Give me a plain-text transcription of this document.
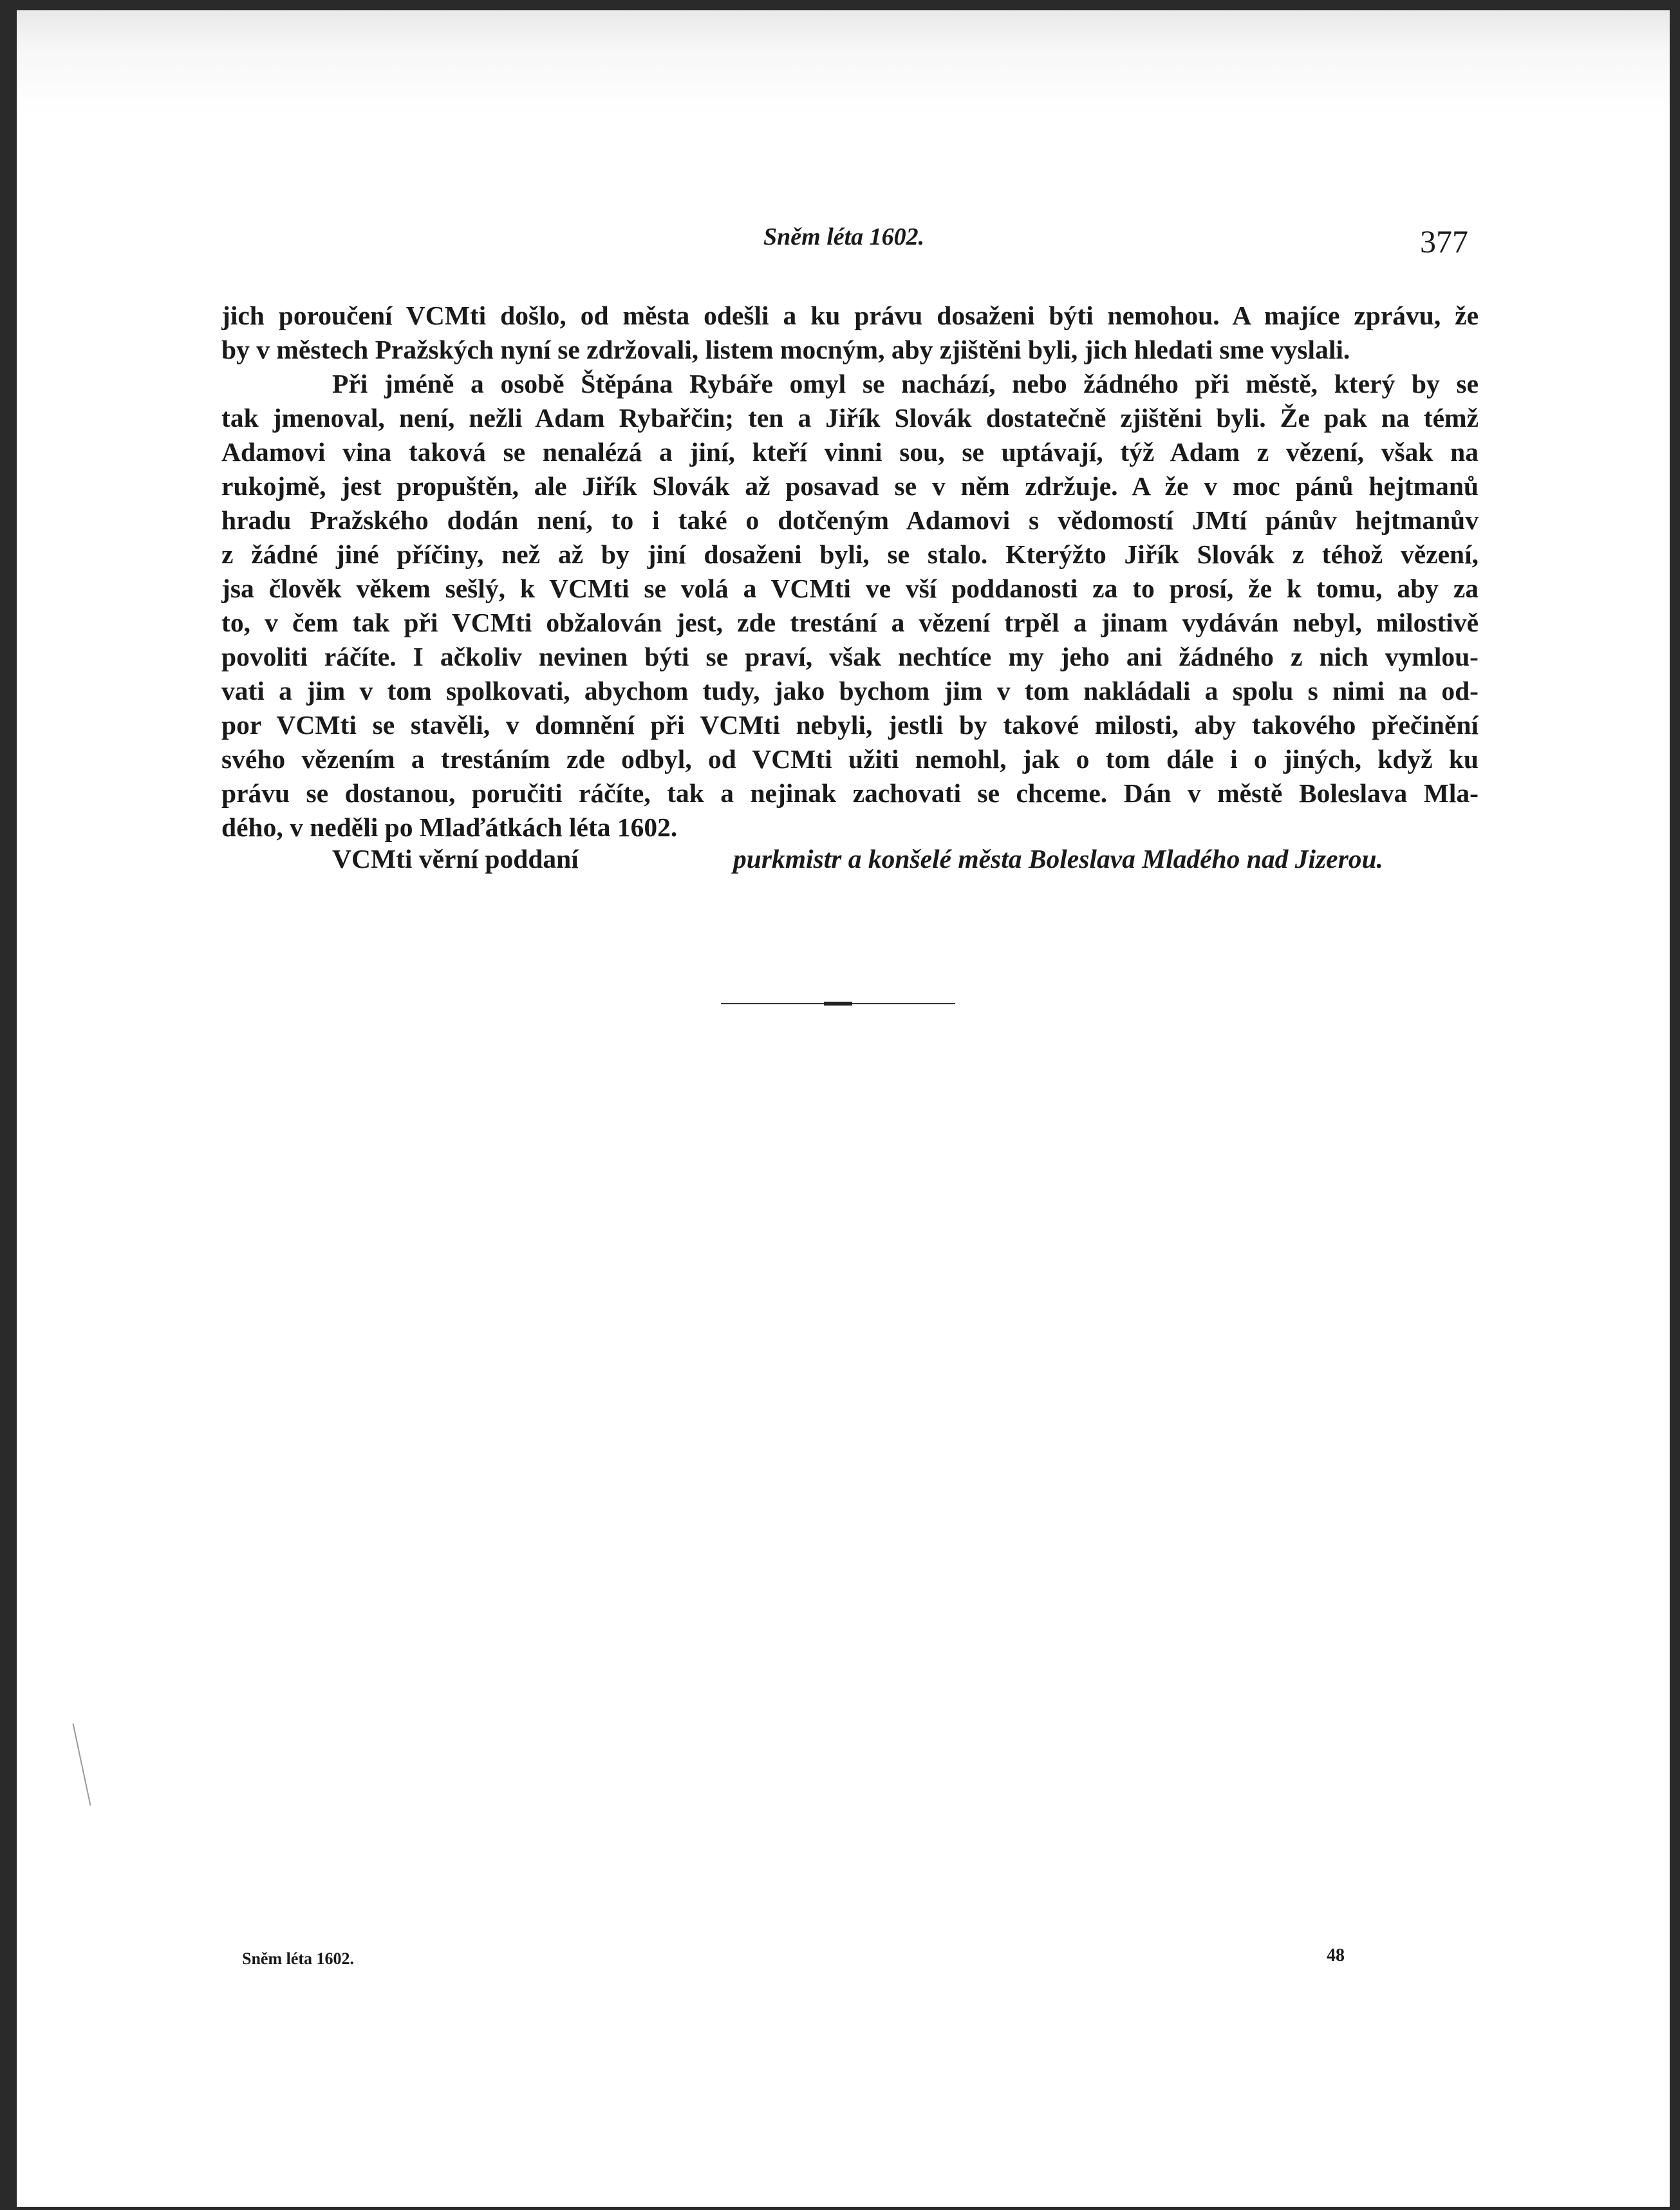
Sněm léta 1602.	377
jich poroučení VCMti došlo, od města odešli a ku právu dosaženi býti nemohou. A majíce zprávu, že
by v městech Pražských nyní se zdržovali, listem mocným, aby zjištěni byli, jich hledati sme vyslali.
Při jméně a osobě Štěpána Rybáře omyl se nachází, nebo žádného při městě, který by se
tak jmenoval, není, nežli Adam Rybařčin; ten a Jiřík Slovák dostatečně zjištěni byli. Že pak na témž
Adamovi vina taková se nenalézá a jiní, kteří vinni sou, se uptávají, týž Adam z vězení, však na
rukojmě, jest propuštěn, ale Jiřík Slovák až posavad se v něm zdržuje. A že v moc pánů hejtmanů
hradu Pražského dodán není, to i také o dotčeným Adamovi s vědomostí JMtí pánův hejtmanův
z žádné jiné příčiny, než až by jiní dosaženi byli, se stalo. Kterýžto Jiřík Slovák z téhož vězení,
jsa člověk věkem sešlý, k VCMti se volá a VCMti ve vší poddanosti za to prosí, že k tomu, aby za
to, v čem tak při VCMti obžalován jest, zde trestání a vězení trpěl a jinam vydáván nebyl, milostivě
povoliti ráčíte. I ačkoliv nevinen býti se praví, však nechtíce my jeho ani žádného z nich vymlou-
vati a jim v tom spolkovati, abychom tudy, jako bychom jim v tom nakládali a spolu s nimi na od-
por VCMti se stavěli, v domnění při VCMti nebyli, jestli by takové milosti, aby takového přečinění
svého vězením a trestáním zde odbyl, od VCMti užiti nemohl, jak o tom dále i o jiných, když ku
právu se dostanou, poručiti ráčíte, tak a nejinak zachovati se chceme. Dán v městě Boleslava Mla-
dého, v neděli po Mlaďátkách léta 1602.
VCMti věrní poddaní	purkmistr a konšelé města Boleslava Mladého nad Jizerou.
Sněm léta 1602.	48
